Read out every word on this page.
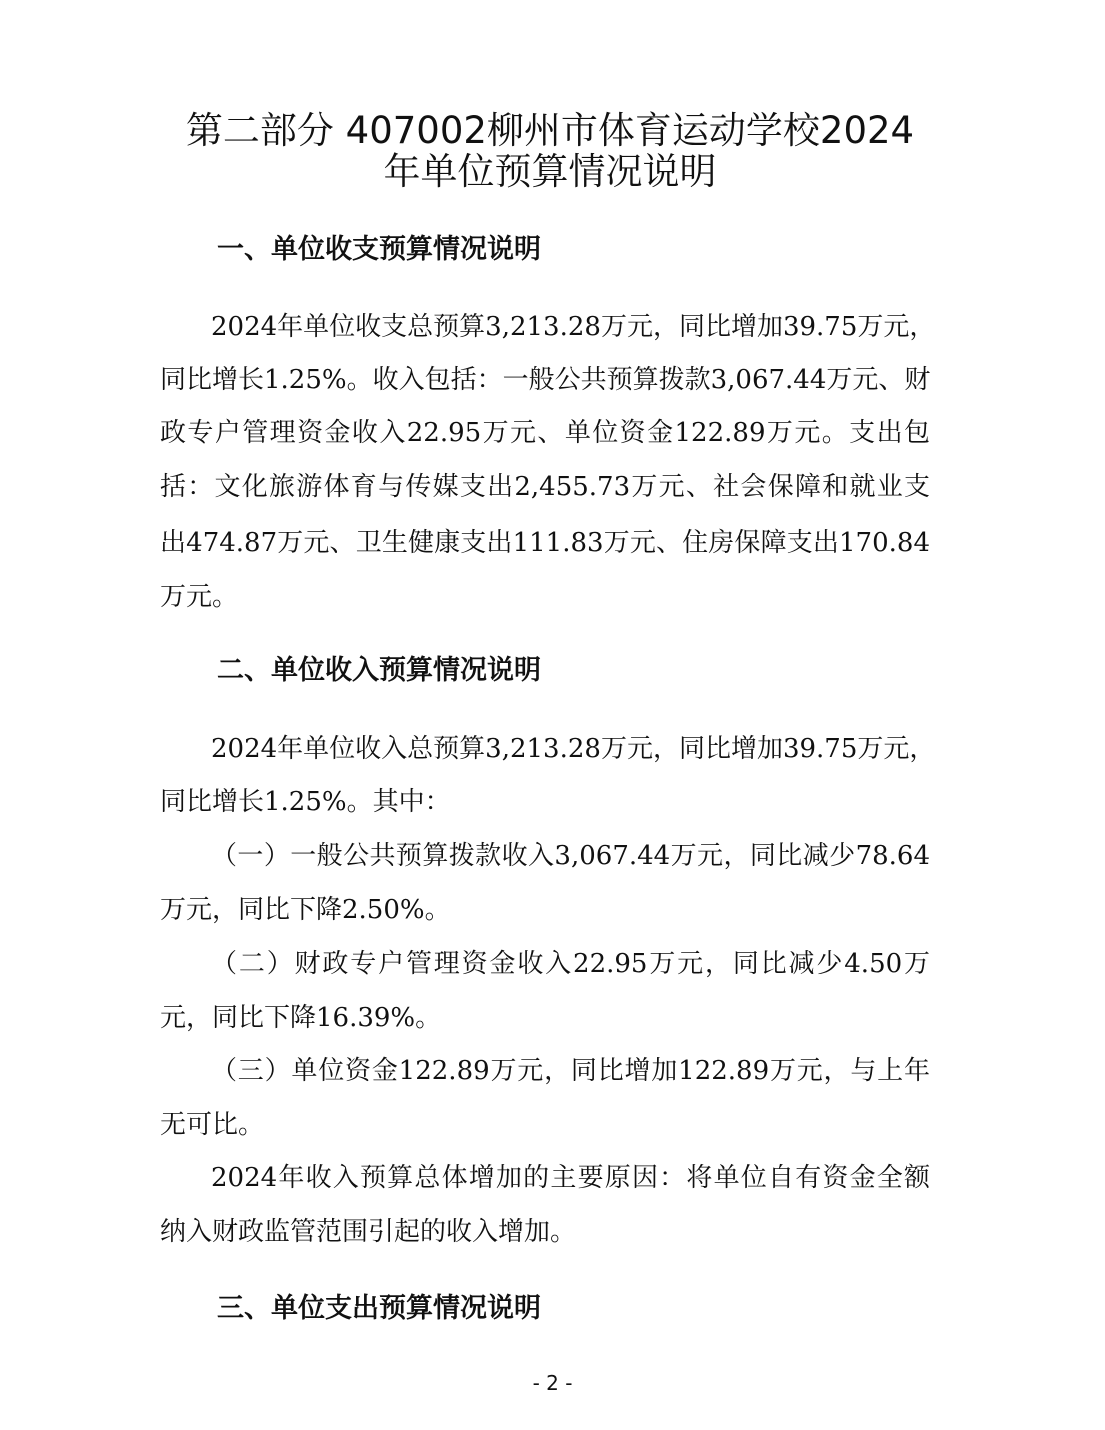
第二部分 407002柳州市体育运动学校2024
年单位预算情况说明
一、单位收支预算情况说明
2024年单位收支总预算3,213.28万元，同比增加39.75万元，
同比增长1.25%。收入包括：一般公共预算拨款3,067.44万元、财
政专户管理资金收入22.95万元、单位资金122.89万元。支出包
括：文化旅游体育与传媒支出2,455.73万元、社会保障和就业支
出474.87万元、卫生健康支出111.83万元、住房保障支出170.84
万元。
二、单位收入预算情况说明
2024年单位收入总预算3,213.28万元，同比增加39.75万元，
同比增长1.25%。其中：
（一）一般公共预算拨款收入3,067.44万元，同比减少78.64
万元，同比下降2.50%。
（二）财政专户管理资金收入22.95万元，同比减少4.50万
元，同比下降16.39%。
（三）单位资金122.89万元，同比增加122.89万元，与上年
无可比。
2024年收入预算总体增加的主要原因：将单位自有资金全额
纳入财政监管范围引起的收入增加。
三、单位支出预算情况说明
- 2 -
